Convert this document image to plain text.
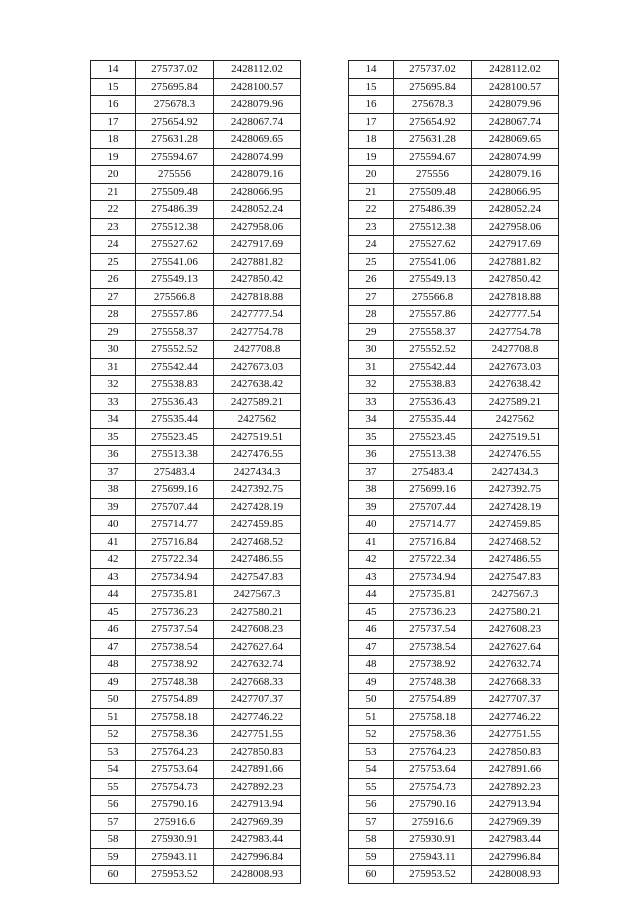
14	275737.02	2428112.02
15	275695.84	2428100.57
16	275678.3	2428079.96
17	275654.92	2428067.74
18	275631.28	2428069.65
19	275594.67	2428074.99
20	275556	2428079.16
21	275509.48	2428066.95
22	275486.39	2428052.24
23	275512.38	2427958.06
24	275527.62	2427917.69
25	275541.06	2427881.82
26	275549.13	2427850.42
27	275566.8	2427818.88
28	275557.86	2427777.54
29	275558.37	2427754.78
30	275552.52	2427708.8
31	275542.44	2427673.03
32	275538.83	2427638.42
33	275536.43	2427589.21
34	275535.44	2427562
35	275523.45	2427519.51
36	275513.38	2427476.55
37	275483.4	2427434.3
38	275699.16	2427392.75
39	275707.44	2427428.19
40	275714.77	2427459.85
41	275716.84	2427468.52
42	275722.34	2427486.55
43	275734.94	2427547.83
44	275735.81	2427567.3
45	275736.23	2427580.21
46	275737.54	2427608.23
47	275738.54	2427627.64
48	275738.92	2427632.74
49	275748.38	2427668.33
50	275754.89	2427707.37
51	275758.18	2427746.22
52	275758.36	2427751.55
53	275764.23	2427850.83
54	275753.64	2427891.66
55	275754.73	2427892.23
56	275790.16	2427913.94
57	275916.6	2427969.39
58	275930.91	2427983.44
59	275943.11	2427996.84
60	275953.52	2428008.93
14	275737.02	2428112.02
15	275695.84	2428100.57
16	275678.3	2428079.96
17	275654.92	2428067.74
18	275631.28	2428069.65
19	275594.67	2428074.99
20	275556	2428079.16
21	275509.48	2428066.95
22	275486.39	2428052.24
23	275512.38	2427958.06
24	275527.62	2427917.69
25	275541.06	2427881.82
26	275549.13	2427850.42
27	275566.8	2427818.88
28	275557.86	2427777.54
29	275558.37	2427754.78
30	275552.52	2427708.8
31	275542.44	2427673.03
32	275538.83	2427638.42
33	275536.43	2427589.21
34	275535.44	2427562
35	275523.45	2427519.51
36	275513.38	2427476.55
37	275483.4	2427434.3
38	275699.16	2427392.75
39	275707.44	2427428.19
40	275714.77	2427459.85
41	275716.84	2427468.52
42	275722.34	2427486.55
43	275734.94	2427547.83
44	275735.81	2427567.3
45	275736.23	2427580.21
46	275737.54	2427608.23
47	275738.54	2427627.64
48	275738.92	2427632.74
49	275748.38	2427668.33
50	275754.89	2427707.37
51	275758.18	2427746.22
52	275758.36	2427751.55
53	275764.23	2427850.83
54	275753.64	2427891.66
55	275754.73	2427892.23
56	275790.16	2427913.94
57	275916.6	2427969.39
58	275930.91	2427983.44
59	275943.11	2427996.84
60	275953.52	2428008.93
